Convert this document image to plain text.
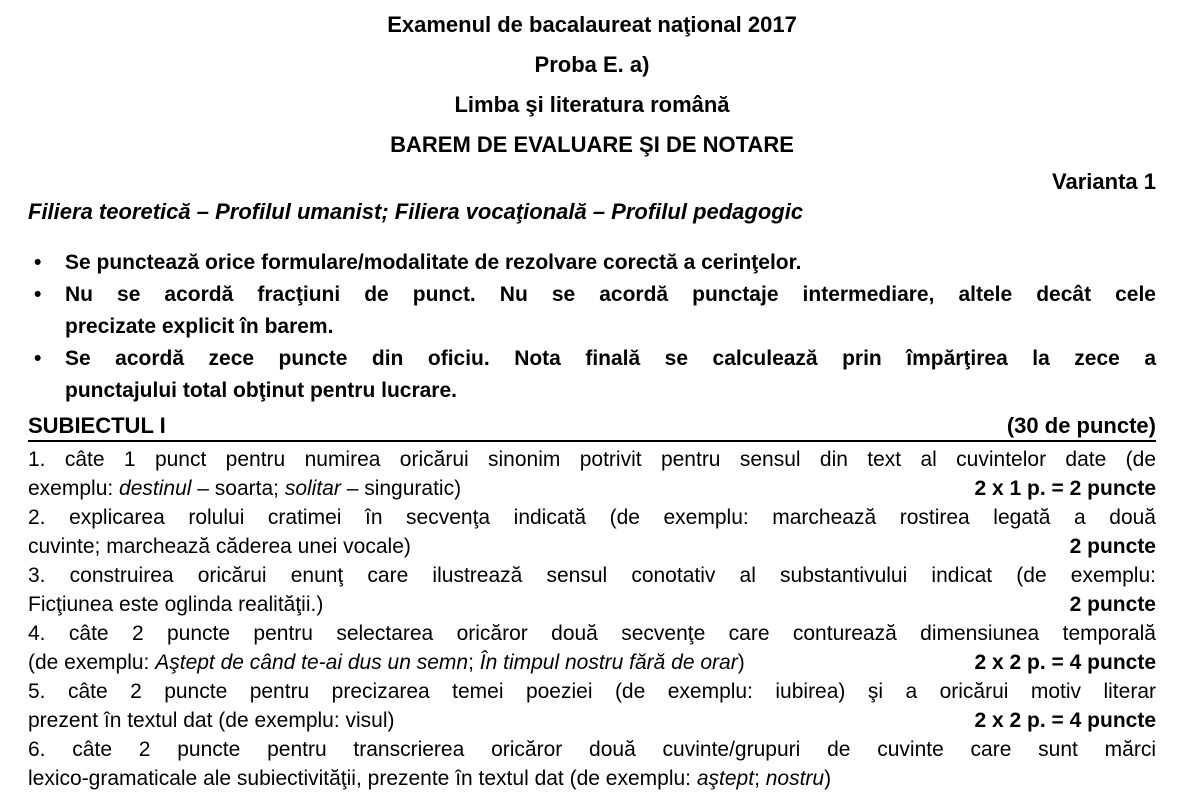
Examenul de bacalaureat naţional 2017
Proba E. a)
Limba şi literatura română
BAREM DE EVALUARE ŞI DE NOTARE
Varianta 1
Filiera teoretică – Profilul umanist; Filiera vocaţională – Profilul pedagogic
•	Se punctează orice formulare/modalitate de rezolvare corectă a cerinţelor.
•	Nu se acordă fracţiuni de punct. Nu se acordă punctaje intermediare, altele decât cele
precizate explicit în barem.
•	Se acordă zece puncte din oficiu. Nota finală se calculează prin împărţirea la zece a
punctajului total obţinut pentru lucrare.
SUBIECTUL I	(30 de puncte)
1. câte 1 punct pentru numirea oricărui sinonim potrivit pentru sensul din text al cuvintelor date (de
exemplu: destinul – soarta; solitar – singuratic)	2 x 1 p. = 2 puncte
2. explicarea rolului cratimei în secvenţa indicată (de exemplu: marchează rostirea legată a două
cuvinte; marchează căderea unei vocale)	2 puncte
3. construirea oricărui enunţ care ilustrează sensul conotativ al substantivului indicat (de exemplu:
Ficţiunea este oglinda realităţii.)	2 puncte
4. câte 2 puncte pentru selectarea oricăror două secvenţe care conturează dimensiunea temporală
(de exemplu: Aştept de când te-ai dus un semn; În timpul nostru fără de orar)	2 x 2 p. = 4 puncte
5. câte 2 puncte pentru precizarea temei poeziei (de exemplu: iubirea) şi a oricărui motiv literar
prezent în textul dat (de exemplu: visul)	2 x 2 p. = 4 puncte
6. câte 2 puncte pentru transcrierea oricăror două cuvinte/grupuri de cuvinte care sunt mărci
lexico-gramaticale ale subiectivităţii, prezente în textul dat (de exemplu: aştept; nostru)
